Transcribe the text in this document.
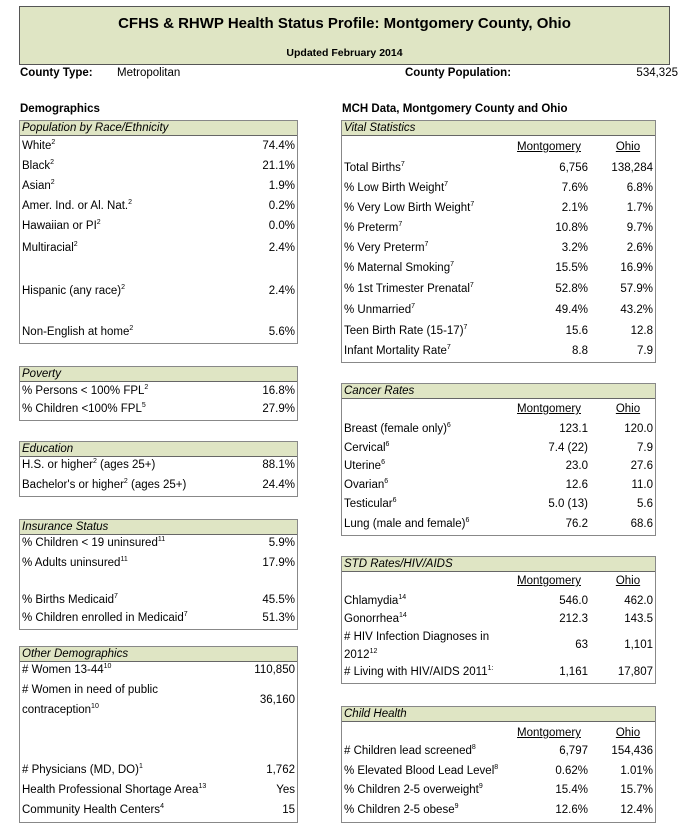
CFHS & RHWP Health Status Profile: Montgomery County, Ohio
Updated February 2014
County Type: Metropolitan	County Population:	534,325
Demographics	MCH Data, Montgomery County and Ohio
Population by Race/Ethnicity
White$^2$	74.4%
Black$^2$	21.1%
Asian$^2$	1.9%
Amer. Ind. or Al. Nat.$^2$	0.2%
Hawaiian or $PI^2$	0.0%
Multiracial$^2$	2.4%
Hispanic (any race)$^2$	2.4%
Non-English at home$^2$	5.6%
Poverty
% Persons < 100% FPL$^2$	16.8%
% Children <100% FPL$^5$	27.9%
Education
H.S. or higher$^2$ (ages 25+)	88.1%
Bachelor's or higher$^2$ (ages 25+)	24.4%
Insurance Status
% Children < 19 uninsured$^{11}$	5.9%
% Adults uninsured$^{11}$	17.9%
% Births Medicaid$^7$	45.5%
% Children enrolled in Medicaid$^7$	51.3%
Other Demographics
# Women $13-44^{10}$	110,850
# Women in need of public
contraception$^{10}$
36,160
# Physicians (MD, DO)$^1$	1,762
Health Professional Shortage Area$^{13}$	Yes
Community Health Centers$^4$	15
Vital Statistics
Montgomery	Ohio
Total Births$^7$	6,756 138,284
% Low Birth Weight$^7$	7.6%	6.8%
% Very Low Birth Weight$^7$	2.1%	1.7%
% Preterm$^7$	10.8%	9.7%
% Very Preterm$^7$	3.2%	2.6%
% Maternal Smoking$^7$	15.5%	16.9%
% 1st Trimester Prenatal$^7$	52.8%	57.9%
% Unmarried$^7$	49.4%	43.2%
Teen Birth Rate $(15-17)^7$	15.6	12.8
Infant Mortality Rate$^7$	8.8	7.9
Cancer Rates
Montgomery	Ohio
Breast (female only)$^6$	123.1	120.0
Cervical$^6$	7.4 (22)	7.9
Uterine$^6$	23.0	27.6
Ovarian$^6$	12.6	11.0
Testicular$^6$	5.0 (13)	5.6
Lung (male and female)$^6$	76.2	68.6
STD Rates/HIV/AIDS
Montgomery	Ohio
Chlamydia$^{14}$	546.0	462.0
Gonorrhea$^{14}$	212.3	143.5
# HIV Infection Diagnoses in
2012$^{12}$
63	1,101
# Living with HIV/AIDS $2011^{1:}$	1,161	17,807
Child Health
Montgomery	Ohio
# Children lead screened$^8$	6,797 154,436
% Elevated Blood Lead Level$^8$	0.62%	1.01%
% Children 2-5 overweight$^9$	15.4%	15.7%
% Children 2-5 obese$^9$	12.6%	12.4%
